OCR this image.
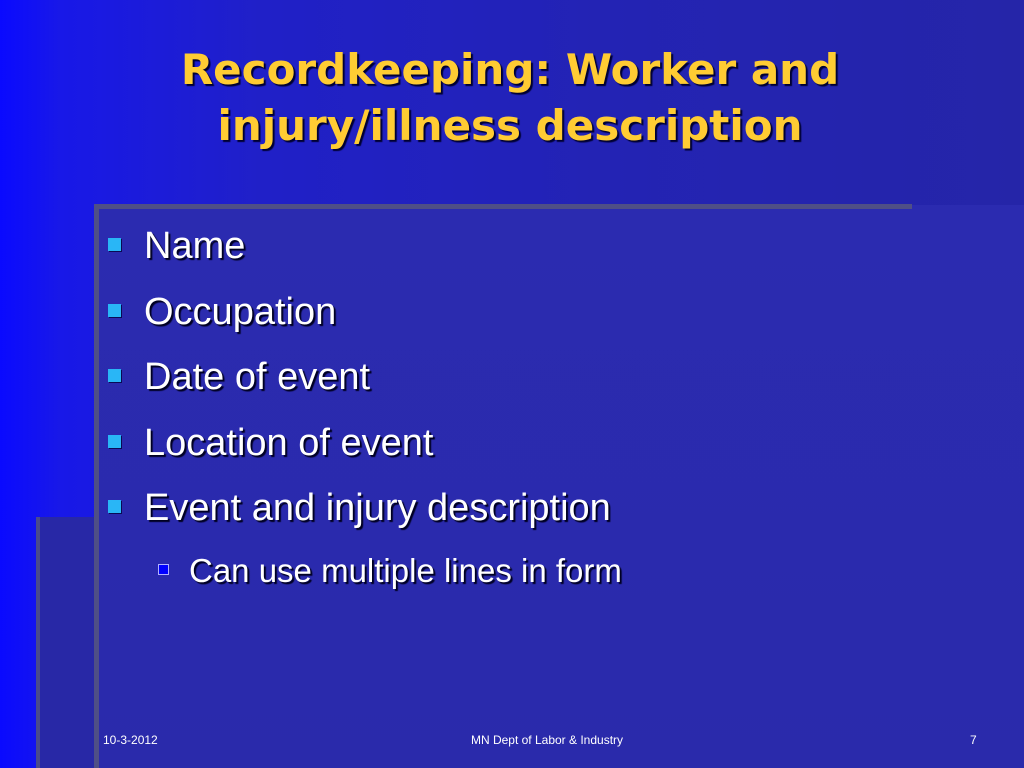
Recordkeeping: Worker and
injury/illness description
Name
Occupation
Date of event
Location of event
Event and injury description
Can use multiple lines in form
10-3-2012	MN Dept of Labor & Industry	7
